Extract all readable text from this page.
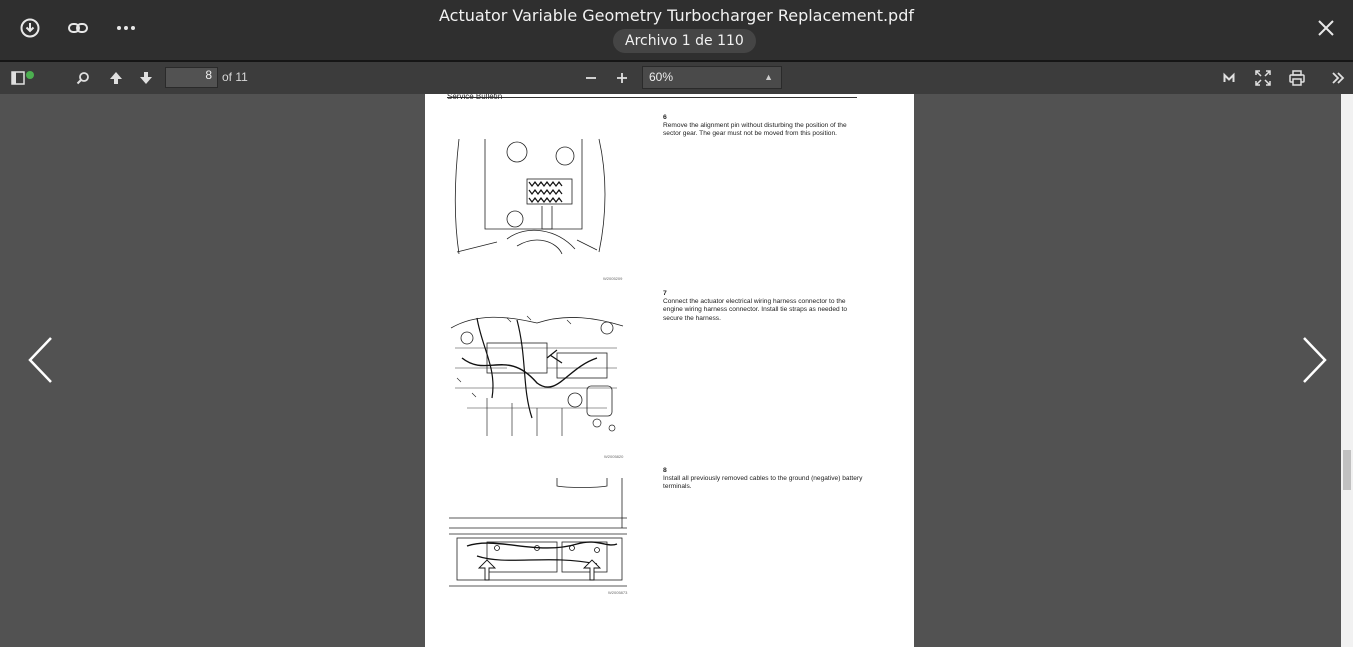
Actuator Variable Geometry Turbocharger Replacement.pdf
Archivo 1 de 110
8 of 11	60%	▲

Service Bulletin
6
Remove the alignment pin without disturbing the position of the sector gear. The gear must not be moved from this position.
W2005209
7
Connect the actuator electrical wiring harness connector to the engine wiring harness connector. Install tie straps as needed to secure the harness.
W2005820
8
Install all previously removed cables to the ground (negative) battery terminals.
W2005873
